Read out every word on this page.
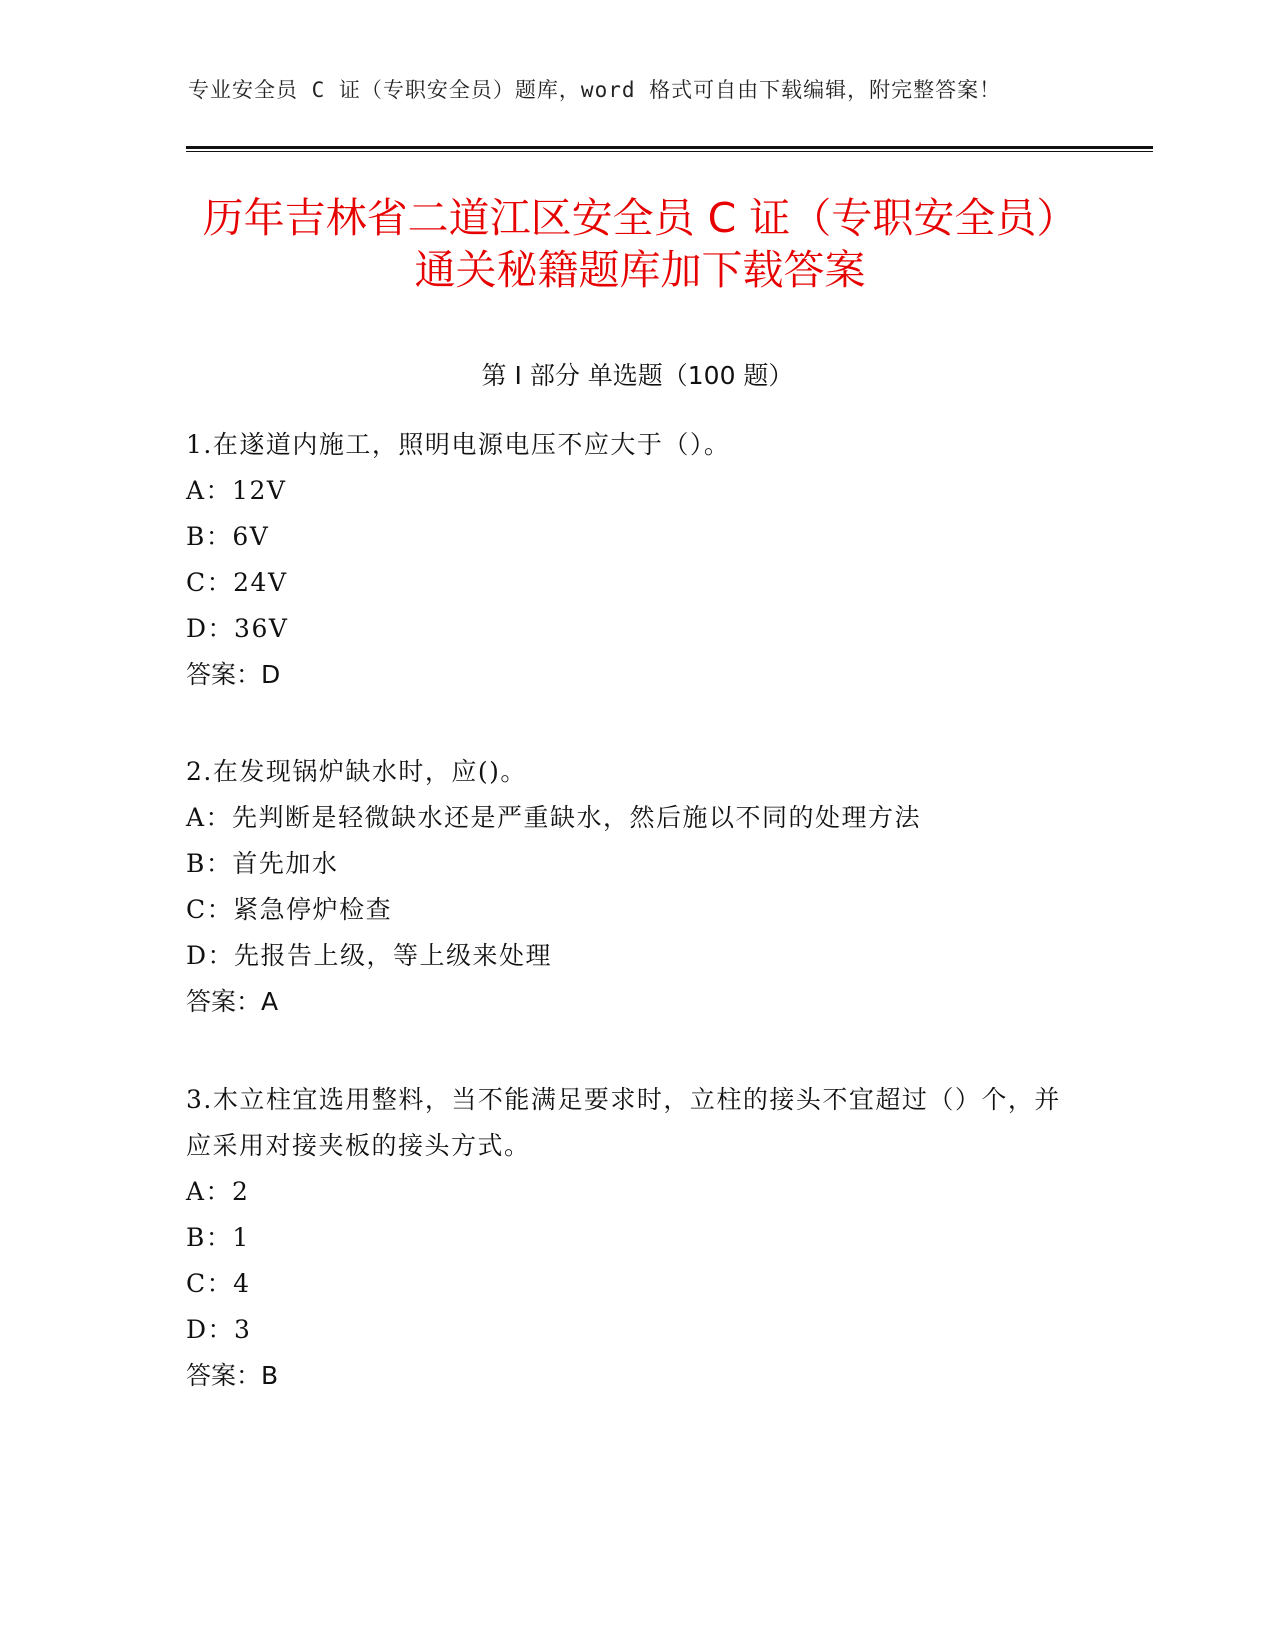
专业安全员 C 证（专职安全员）题库，word 格式可自由下载编辑，附完整答案！
历年吉林省二道江区安全员 C 证（专职安全员）通关秘籍题库加下载答案
第 I 部分 单选题（100 题）
1.在遂道内施工，照明电源电压不应大于（）。
A：12V
B：6V
C：24V
D：36V
答案：D
2.在发现锅炉缺水时，应()。
A：先判断是轻微缺水还是严重缺水，然后施以不同的处理方法
B：首先加水
C：紧急停炉检查
D：先报告上级，等上级来处理
答案：A
3.木立柱宜选用整料，当不能满足要求时，立柱的接头不宜超过（）个，并应采用对接夹板的接头方式。
A：2
B：1
C：4
D：3
答案：B
